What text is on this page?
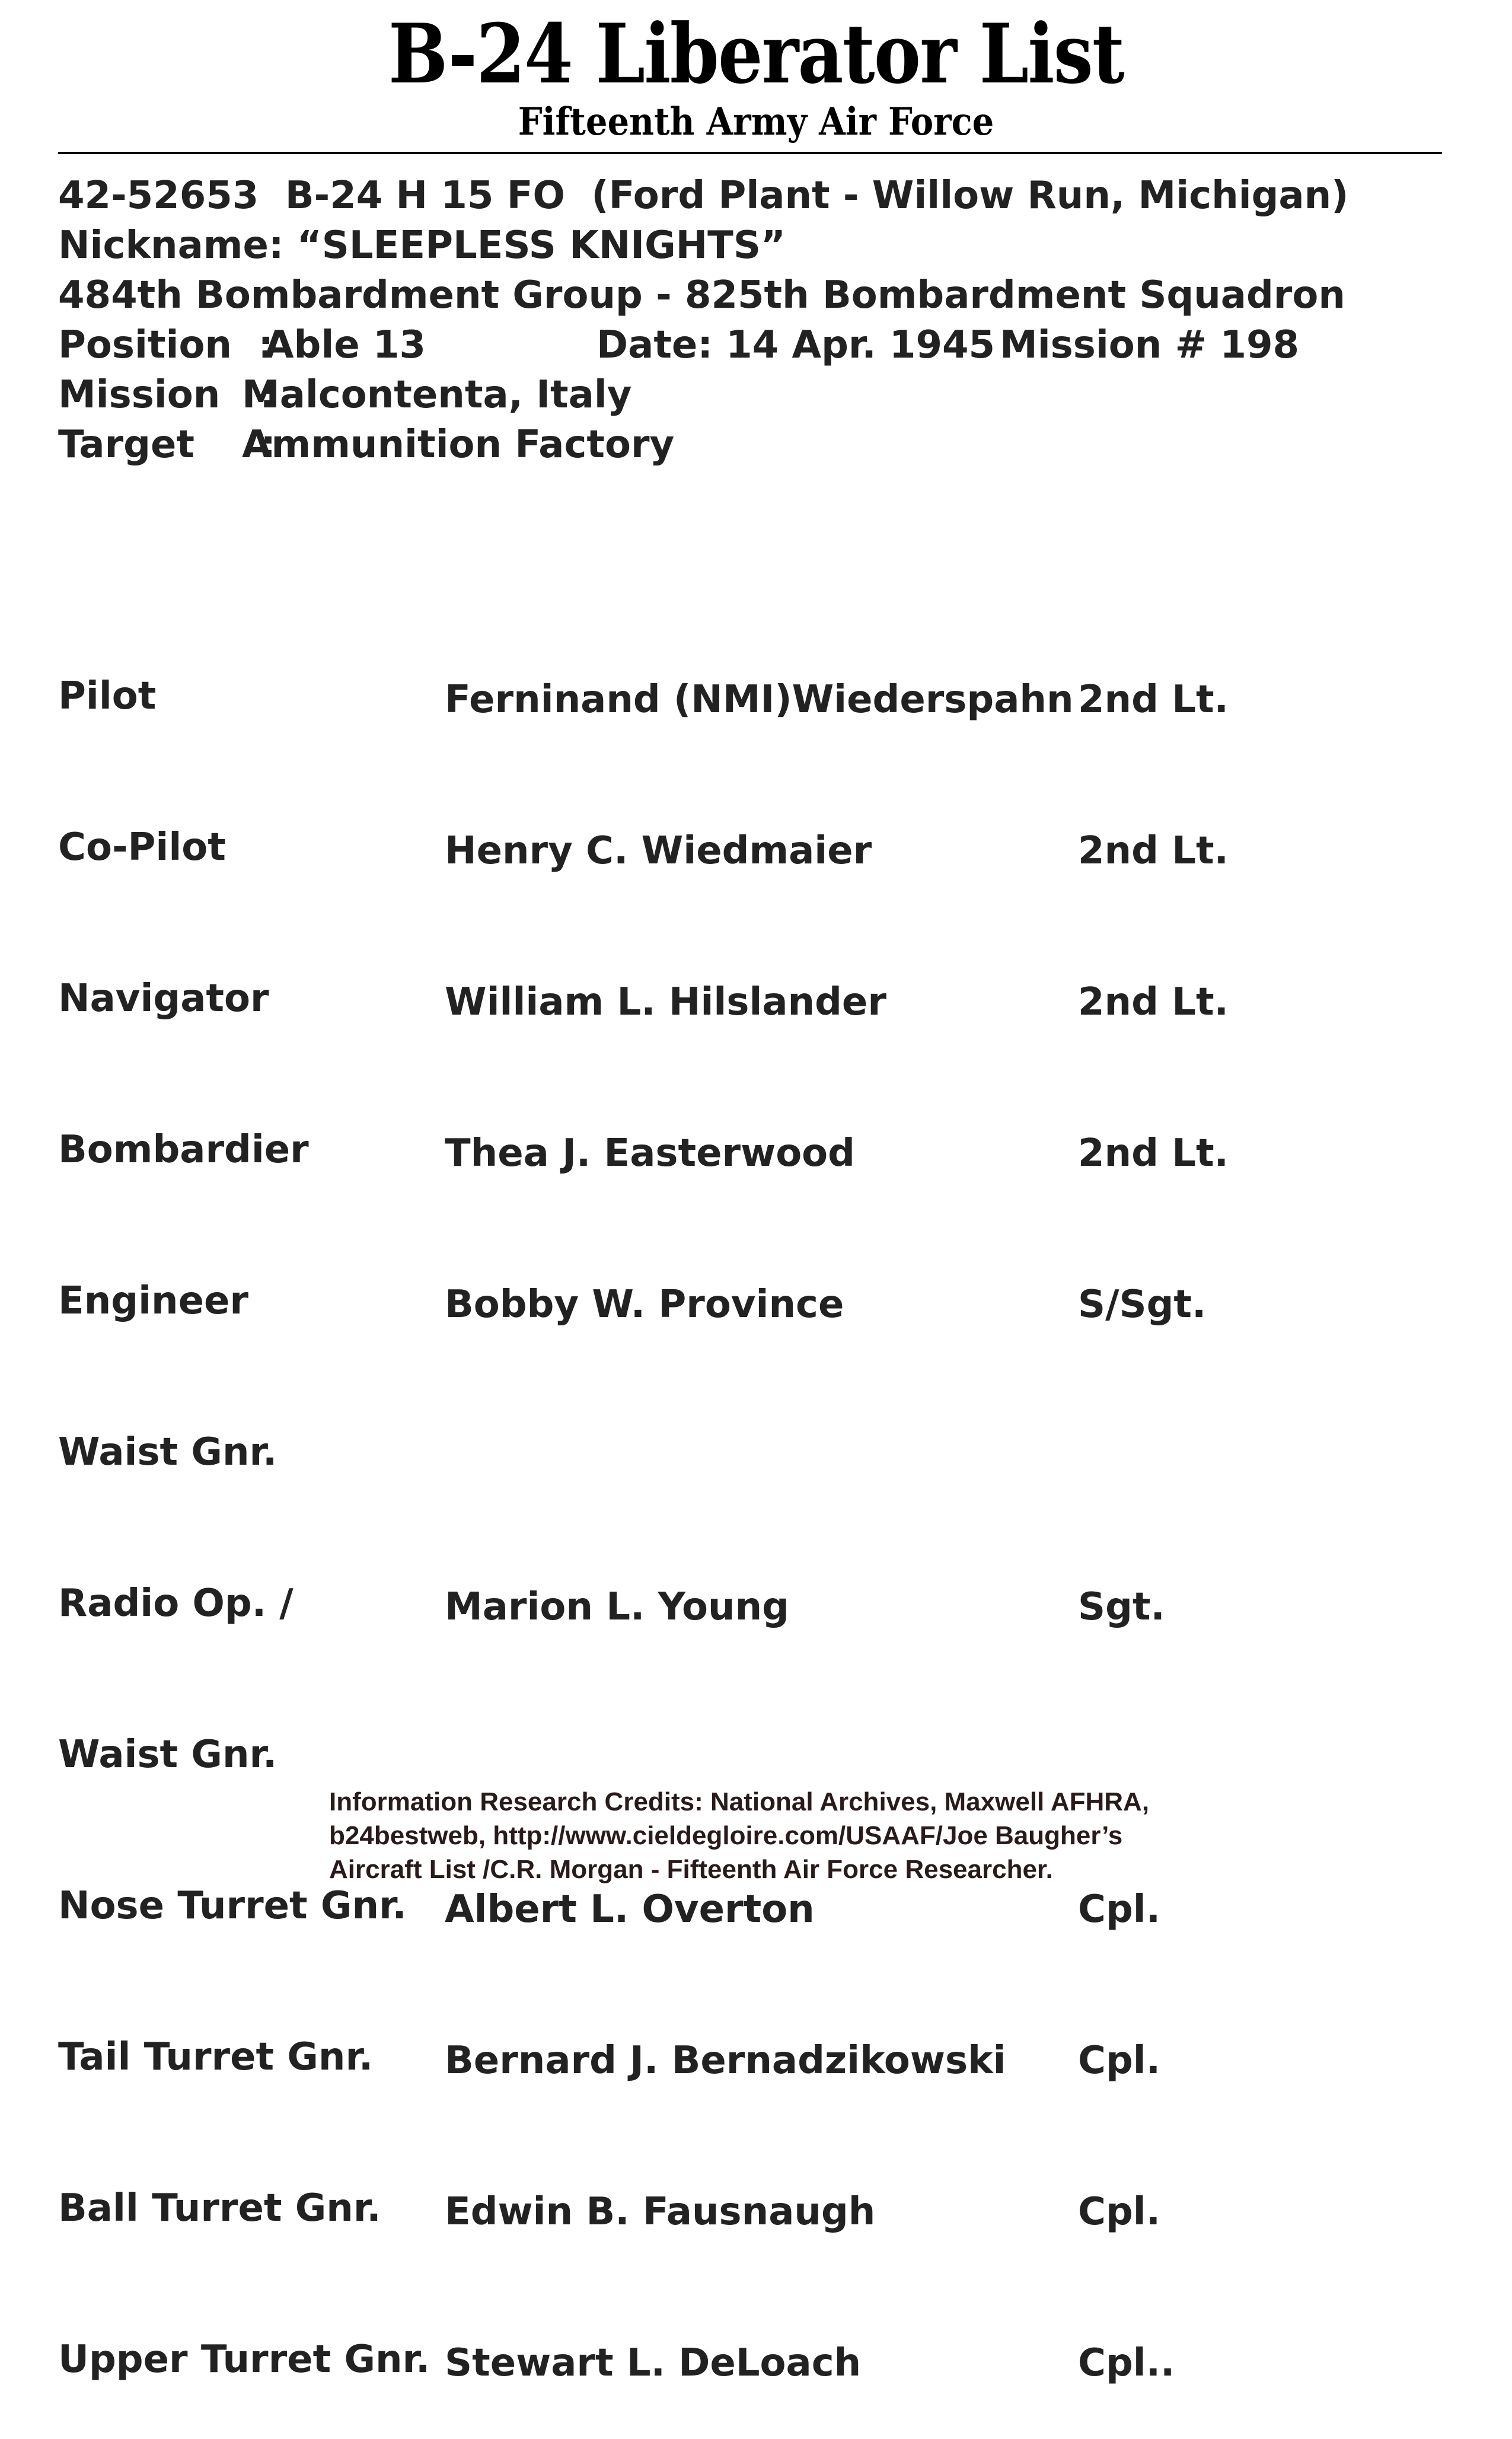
B-24 Liberator List
Fifteenth Army Air Force
42-52653  B-24 H 15 FO  (Ford Plant - Willow Run, Michigan)
Nickname: “SLEEPLESS KNIGHTS”
484th Bombardment Group - 825th Bombardment Squadron
Position  :
Able 13	Date: 14 Apr. 1945 Mission # 198
Mission   :
Malcontenta, Italy
Target     :
Ammunition Factory

Pilot

Co-Pilot

Navigator

Bombardier

Engineer

Waist Gnr.

Radio Op. /

Waist Gnr.

Nose Turret Gnr.

Tail Turret Gnr.

Ball Turret Gnr.

Upper Turret Gnr.

Ferninand (NMI)Wiederspahn

Henry C. Wiedmaier

William L. Hilslander

Thea J. Easterwood

Bobby W. Province

Marion L. Young

Albert L. Overton

Bernard J. Bernadzikowski

Edwin B. Fausnaugh

Stewart L. DeLoach

2nd Lt.

2nd Lt.

2nd Lt.

2nd Lt.

S/Sgt.

Sgt.

Cpl.

Cpl.

Cpl.

Cpl..

Information Research Credits: National Archives, Maxwell AFHRA, b24bestweb, http://www.cieldegloire.com/USAAF/Joe Baugher’s Aircraft List /C.R. Morgan - Fifteenth Air Force Researcher.
